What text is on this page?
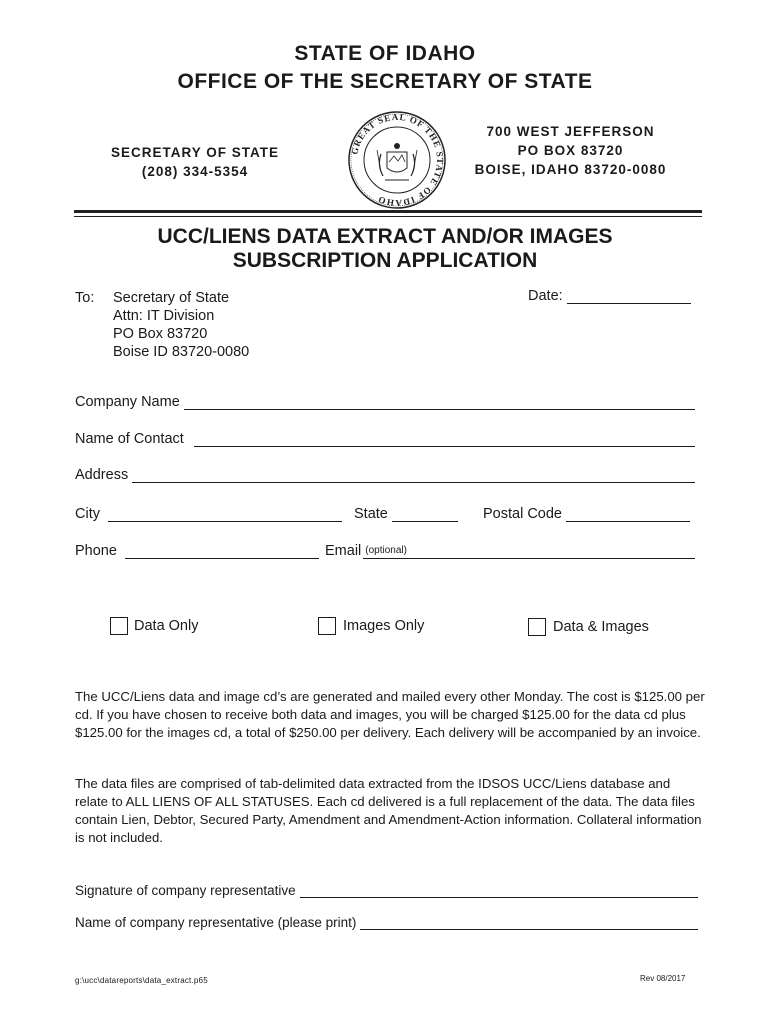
STATE OF IDAHO
OFFICE OF THE SECRETARY OF STATE
SECRETARY OF STATE
(208) 334-5354
GREAT SEAL OF THE STATE OF IDAHO
700 WEST JEFFERSON
PO BOX 83720
BOISE, IDAHO 83720-0080
UCC/LIENS DATA EXTRACT AND/OR IMAGES
SUBSCRIPTION APPLICATION
To: Secretary of State
Attn: IT Division
PO Box 83720
Boise ID 83720-0080
Date:
Company Name
Name of Contact
Address
City	State	Postal Code
Phone	Email (optional)
Data Only	Images Only	Data & Images
The UCC/Liens data and image cd’s are generated and mailed every other Monday. The cost is $125.00 per cd. If you have chosen to receive both data and images, you will be charged $125.00 for the data cd plus $125.00 for the images cd, a total of $250.00 per delivery. Each delivery will be accompanied by an invoice.
The data files are comprised of tab-delimited data extracted from the IDSOS UCC/Liens database and relate to ALL LIENS OF ALL STATUSES. Each cd delivered is a full replacement of the data. The data files contain Lien, Debtor, Secured Party, Amendment and Amendment-Action information. Collateral information is not included.
Signature of company representative
Name of company representative (please print)
g:\ucc\datareports\data_extract.p65	Rev 08/2017
